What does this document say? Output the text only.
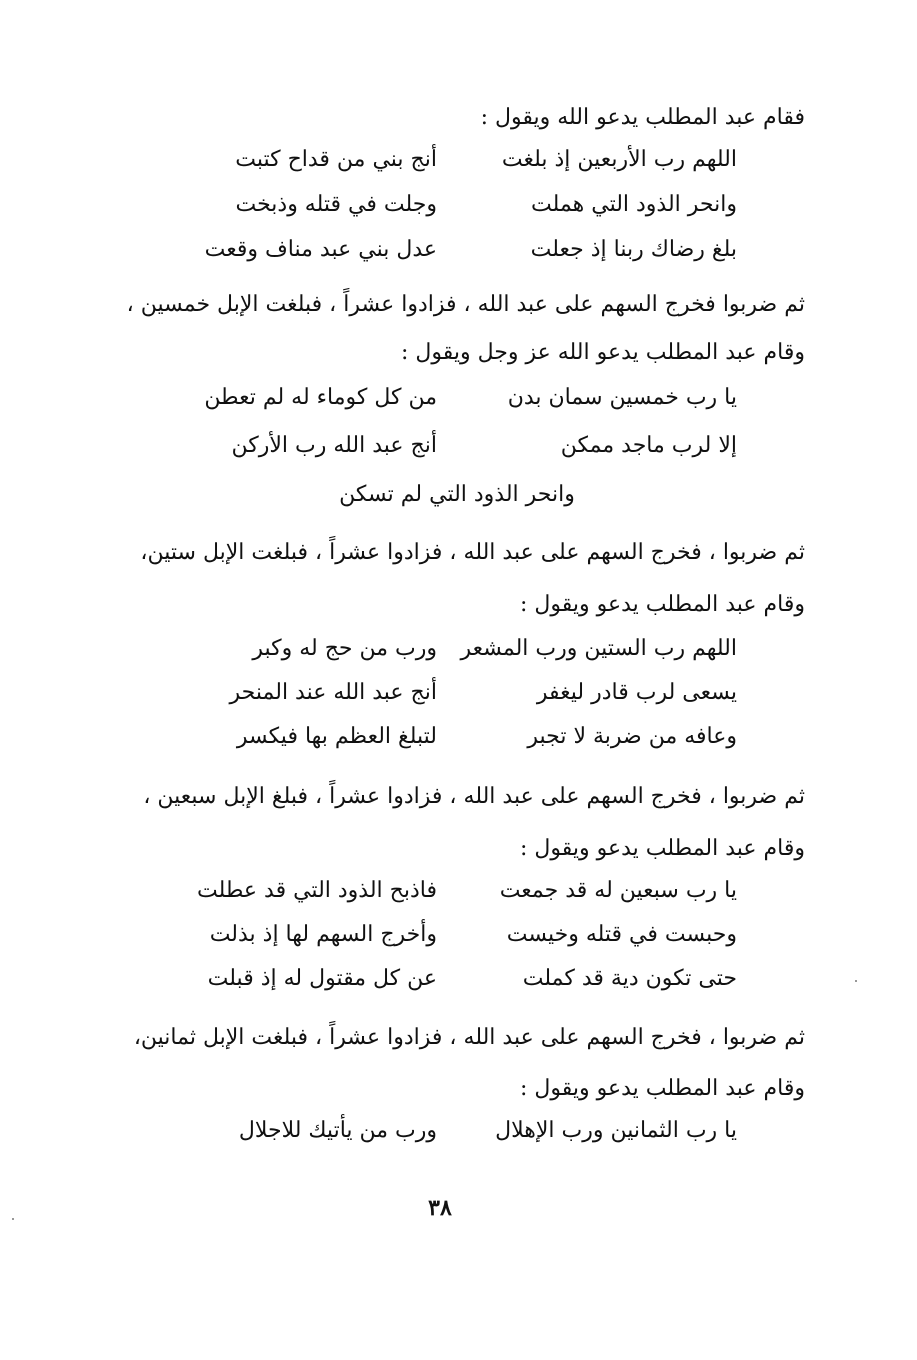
فقام عبد المطلب يدعو الله ويقول :
اللهم رب الأربعين إذ بلغت
أنج بني من قداح كتبت
وانحر الذود التي هملت
وجلت في قتله وذبخت
بلغ رضاك ربنا إذ جعلت
عدل بني عبد مناف وقعت
ثم ضربوا فخرج السهم على عبد الله ، فزادوا عشراً ، فبلغت الإبل خمسين ،
وقام عبد المطلب يدعو الله عز وجل ويقول :
يا رب خمسين سمان بدن
من كل كوماء له لم تعطن
إلا لرب ماجد ممكن
أنج عبد الله رب الأركن
وانحر الذود التي لم تسكن
ثم ضربوا ، فخرج السهم على عبد الله ، فزادوا عشراً ، فبلغت الإبل ستين،
وقام عبد المطلب يدعو ويقول :
اللهم رب الستين ورب المشعر
ورب من حج له وكبر
يسعى لرب قادر ليغفر
أنج عبد الله عند المنحر
وعافه من ضربة لا تجبر
لتبلغ العظم بها فيكسر
ثم ضربوا ، فخرج السهم على عبد الله ، فزادوا عشراً ، فبلغ الإبل سبعين ،
وقام عبد المطلب يدعو ويقول :
يا رب سبعين له قد جمعت
فاذبح الذود التي قد عطلت
وحبست في قتله وخيست
وأخرج السهم لها إذ بذلت
حتى تكون دية قد كملت
عن كل مقتول له إذ قبلت
ثم ضربوا ، فخرج السهم على عبد الله ، فزادوا عشراً ، فبلغت الإبل ثمانين،
وقام عبد المطلب يدعو ويقول :
يا رب الثمانين ورب الإهلال
ورب من يأتيك للاجلال
٣٨
